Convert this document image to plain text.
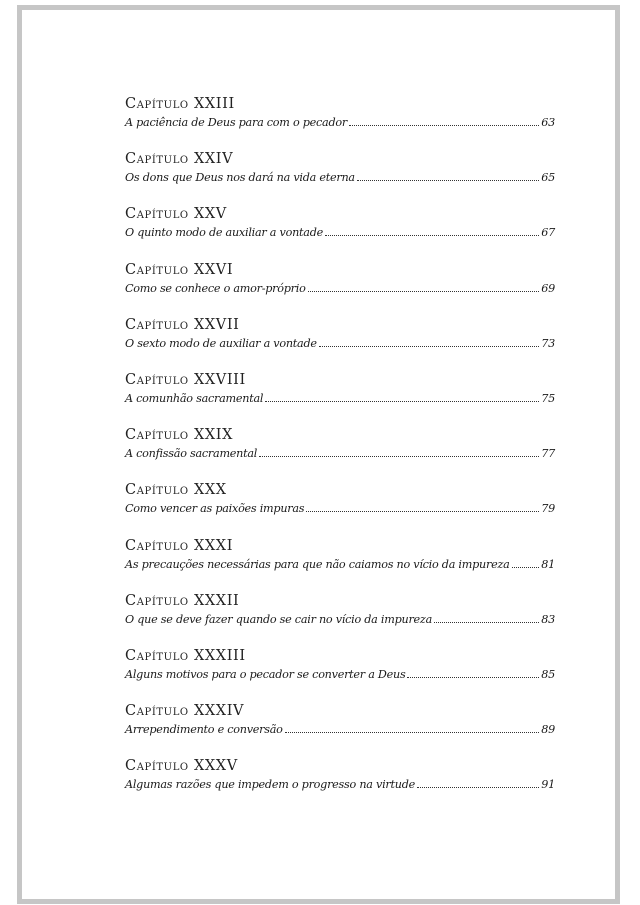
Capítulo XXIII
A paciência de Deus para com o pecador	63
Capítulo XXIV
Os dons que Deus nos dará na vida eterna	65
Capítulo XXV
O quinto modo de auxiliar a vontade	67
Capítulo XXVI
Como se conhece o amor-próprio	69
Capítulo XXVII
O sexto modo de auxiliar a vontade	73
Capítulo XXVIII
A comunhão sacramental	75
Capítulo XXIX
A confissão sacramental	77
Capítulo XXX
Como vencer as paixões impuras	79
Capítulo XXXI
As precauções necessárias para que não caiamos no vício da impureza	81
Capítulo XXXII
O que se deve fazer quando se cair no vício da impureza	83
Capítulo XXXIII
Alguns motivos para o pecador se converter a Deus	85
Capítulo XXXIV
Arrependimento e conversão	89
Capítulo XXXV
Algumas razões que impedem o progresso na virtude	91
